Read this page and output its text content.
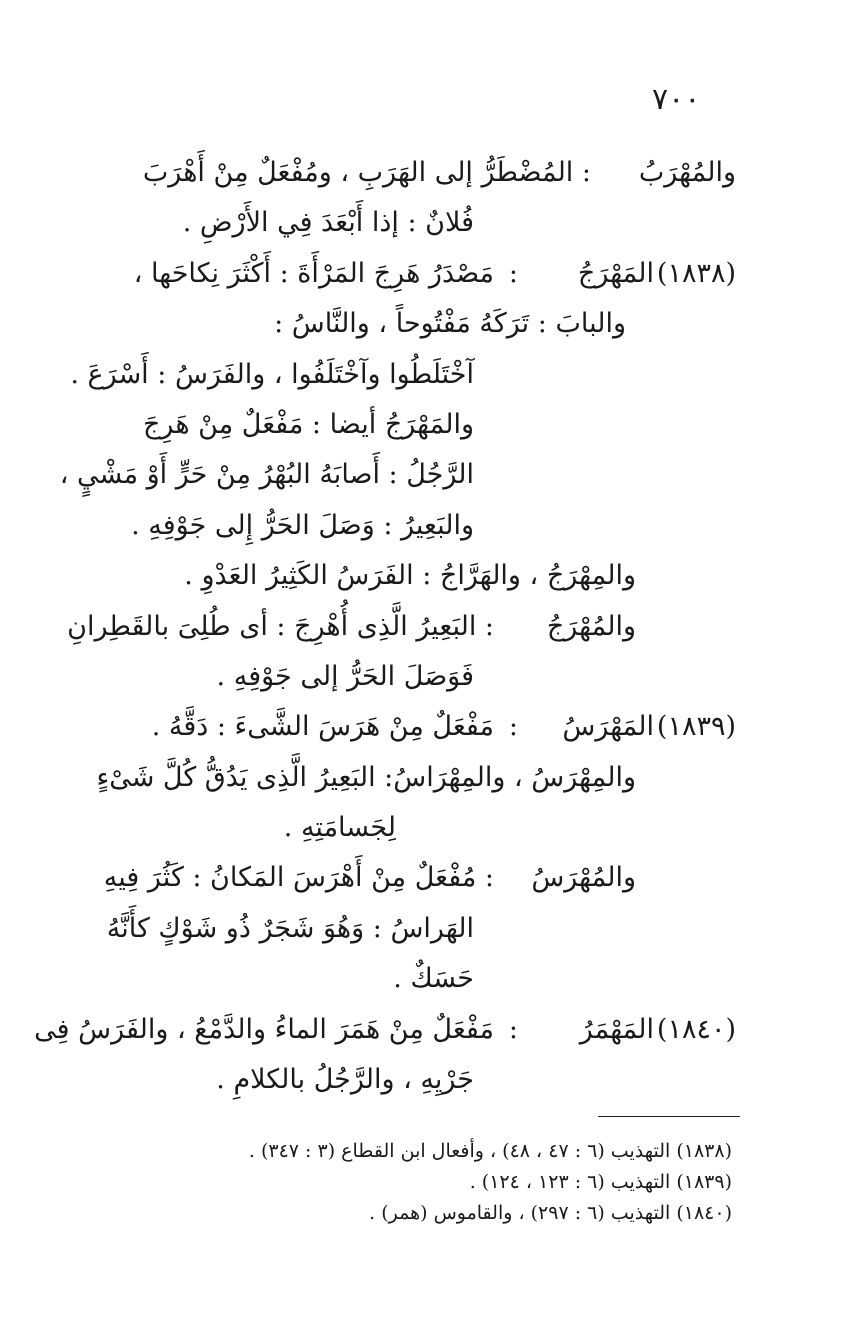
٧٠٠
والمُهْرَبُ
: المُضْطَرُّ إلى الهَرَبِ ، ومُفْعَلٌ مِنْ أَهْرَبَ
فُلانٌ : إذا أَبْعَدَ فِي الأَرْضِ .
(١٨٣٨)
المَهْرَجُ
:
مَصْدَرُ هَرِجَ المَرْأَةَ : أَكْثَرَ نِكاحَها ،
والبابَ : تَرَكَهُ مَفْتُوحاً ، والنَّاسُ :
آخْتَلَطُوا وآخْتَلَفُوا ، والفَرَسُ : أَسْرَعَ .
والمَهْرَجُ أيضا : مَفْعَلٌ مِنْ هَرِجَ
الرَّجُلُ : أَصابَهُ البُهْرُ مِنْ حَرٍّ أَوْ مَشْيٍ ،
والبَعِيرُ : وَصَلَ الحَرُّ إِلى جَوْفِهِ .
والمِهْرَجُ ، والهَرَّاجُ : الفَرَسُ الكَثِيرُ العَدْوِ .
والمُهْرَجُ
: البَعِيرُ الَّذِى أُهْرِجَ : أى طُلِىَ بالقَطِرانِ
فَوَصَلَ الحَرُّ إلى جَوْفِهِ .
(١٨٣٩)
المَهْرَسُ
:
مَفْعَلٌ مِنْ هَرَسَ الشَّىءَ : دَقَّهُ .
والمِهْرَسُ ، والمِهْرَاسُ: البَعِيرُ الَّذِى يَدُقُّ كُلَّ شَىْءٍ
لِجَسامَتِهِ .
والمُهْرَسُ
: مُفْعَلٌ مِنْ أَهْرَسَ المَكانُ : كَثُرَ فِيهِ
الهَراسُ : وَهُوَ شَجَرٌ ذُو شَوْكٍ كأَنَّهُ
حَسَكٌ .
(١٨٤٠)
المَهْمَرُ
:
مَفْعَلٌ مِنْ هَمَرَ الماءُ والدَّمْعُ ، والفَرَسُ فِى
جَرْيِهِ ، والرَّجُلُ بالكلامِ .
(١٨٣٨) التهذيب (٦ : ٤٧ ، ٤٨) ، وأفعال ابن القطاع (٣ : ٣٤٧) .
(١٨٣٩) التهذيب (٦ : ١٢٣ ، ١٢٤) .
(١٨٤٠) التهذيب (٦ : ٢٩٧) ، والقاموس (همر) .
